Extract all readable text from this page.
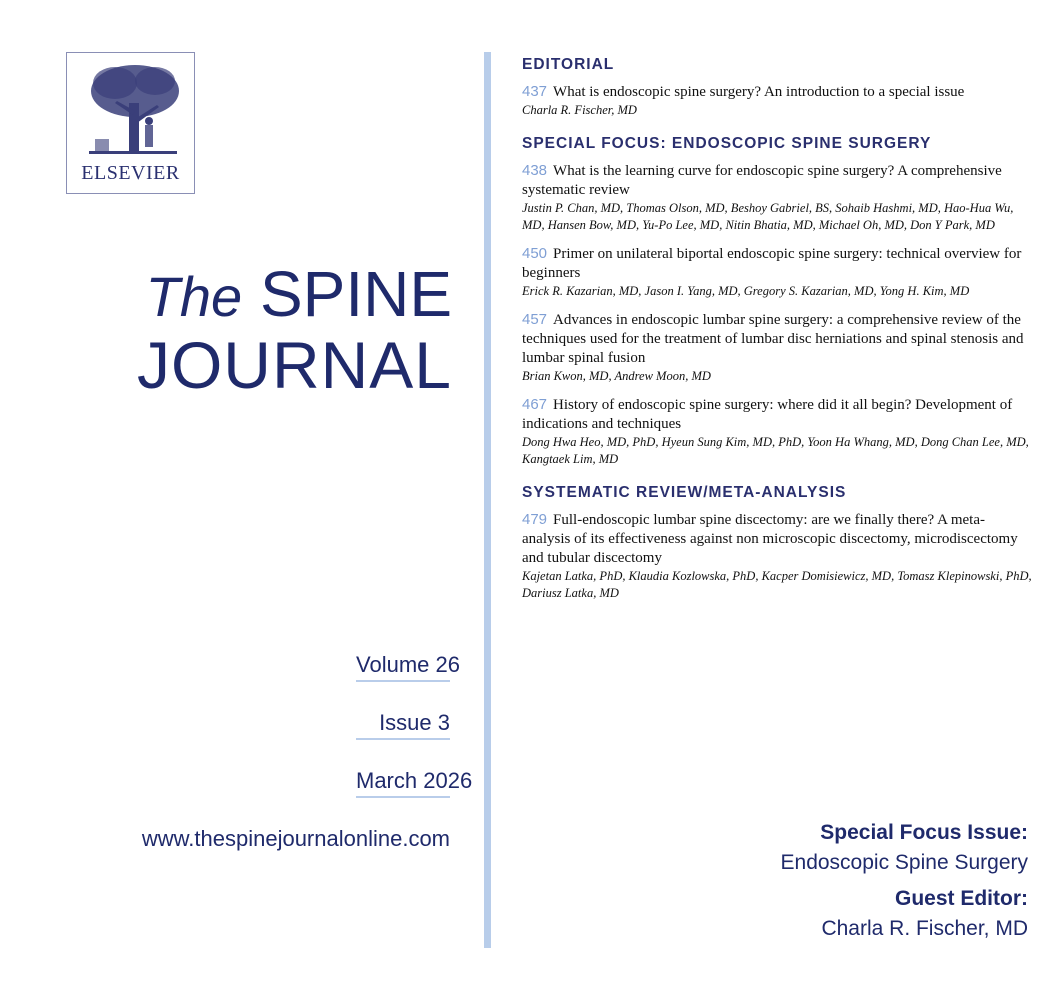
ELSEVIER
The SPINE
JOURNAL
Volume 26
Issue 3
March 2026
www.thespinejournalonline.com
EDITORIAL
437 What is endoscopic spine surgery? An introduction to a special issue
Charla R. Fischer, MD
SPECIAL FOCUS: ENDOSCOPIC SPINE SURGERY
438 What is the learning curve for endoscopic spine surgery? A comprehensive systematic review
Justin P. Chan, MD, Thomas Olson, MD, Beshoy Gabriel, BS, Sohaib Hashmi, MD, Hao-Hua Wu, MD, Hansen Bow, MD, Yu-Po Lee, MD, Nitin Bhatia, MD, Michael Oh, MD, Don Y Park, MD
450 Primer on unilateral biportal endoscopic spine surgery: technical overview for beginners
Erick R. Kazarian, MD, Jason I. Yang, MD, Gregory S. Kazarian, MD, Yong H. Kim, MD
457 Advances in endoscopic lumbar spine surgery: a comprehensive review of the techniques used for the treatment of lumbar disc herniations and spinal stenosis and lumbar spinal fusion
Brian Kwon, MD, Andrew Moon, MD
467 History of endoscopic spine surgery: where did it all begin? Development of indications and techniques
Dong Hwa Heo, MD, PhD, Hyeun Sung Kim, MD, PhD, Yoon Ha Whang, MD, Dong Chan Lee, MD, Kangtaek Lim, MD
SYSTEMATIC REVIEW/META-ANALYSIS
479 Full-endoscopic lumbar spine discectomy: are we finally there? A meta-analysis of its effectiveness against non microscopic discectomy, microdiscectomy and tubular discectomy
Kajetan Latka, PhD, Klaudia Kozlowska, PhD, Kacper Domisiewicz, MD, Tomasz Klepinowski, PhD, Dariusz Latka, MD
Special Focus Issue:
Endoscopic Spine Surgery
Guest Editor:
Charla R. Fischer, MD
